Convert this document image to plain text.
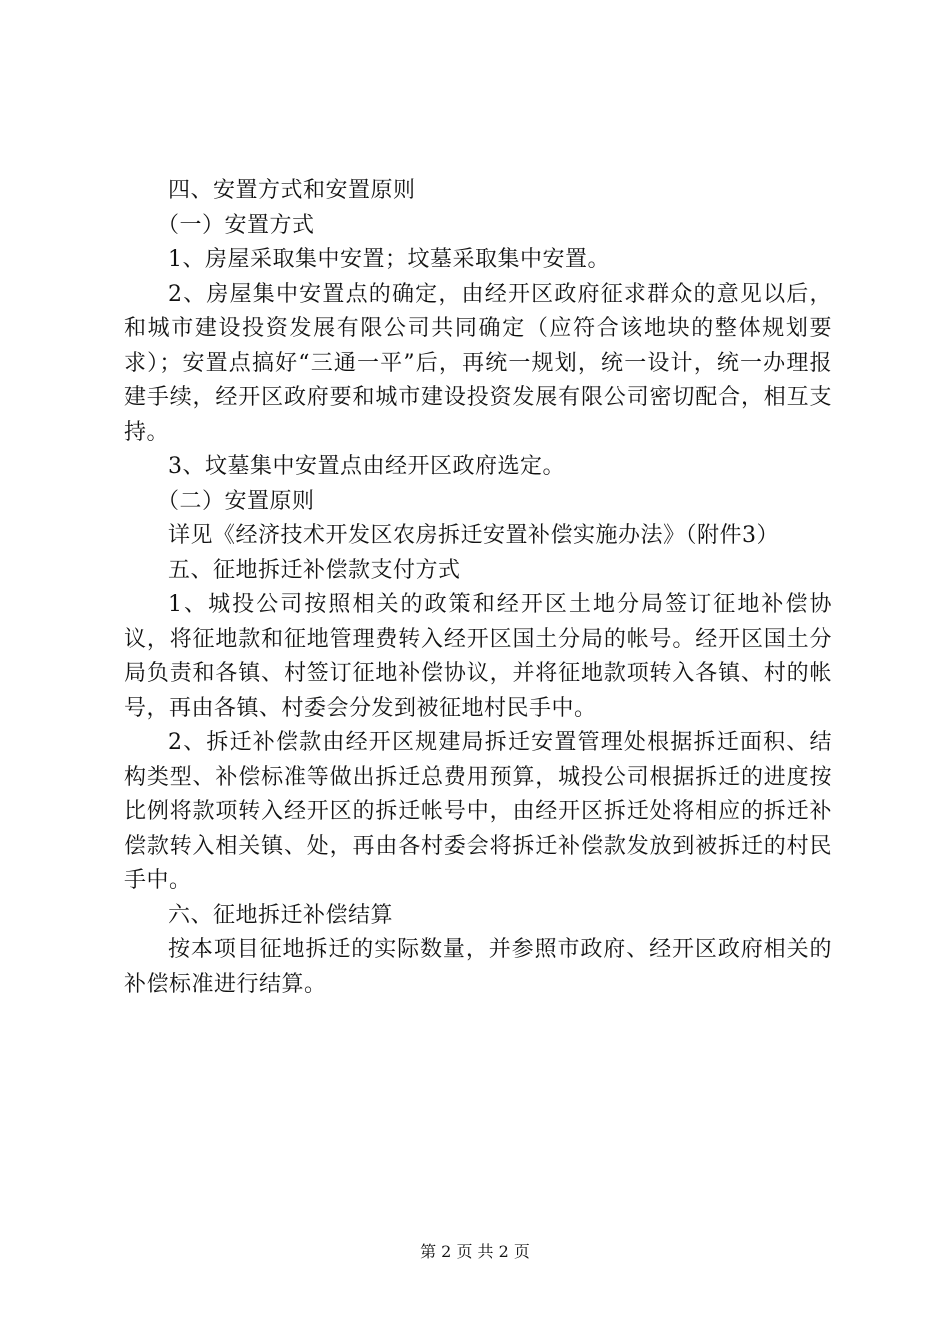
四、安置方式和安置原则

（一）安置方式

1、房屋采取集中安置；坟墓采取集中安置。

2、房屋集中安置点的确定，由经开区政府征求群众的意见以后，和城市建设投资发展有限公司共同确定（应符合该地块的整体规划要求）；安置点搞好“三通一平”后，再统一规划，统一设计，统一办理报建手续，经开区政府要和城市建设投资发展有限公司密切配合，相互支持。

3、坟墓集中安置点由经开区政府选定。

（二）安置原则

详见《经济技术开发区农房拆迁安置补偿实施办法》（附件3）

五、征地拆迁补偿款支付方式

1、城投公司按照相关的政策和经开区土地分局签订征地补偿协议，将征地款和征地管理费转入经开区国土分局的帐号。经开区国土分局负责和各镇、村签订征地补偿协议，并将征地款项转入各镇、村的帐号，再由各镇、村委会分发到被征地村民手中。

2、拆迁补偿款由经开区规建局拆迁安置管理处根据拆迁面积、结构类型、补偿标准等做出拆迁总费用预算，城投公司根据拆迁的进度按比例将款项转入经开区的拆迁帐号中，由经开区拆迁处将相应的拆迁补偿款转入相关镇、处，再由各村委会将拆迁补偿款发放到被拆迁的村民手中。

六、征地拆迁补偿结算

按本项目征地拆迁的实际数量，并参照市政府、经开区政府相关的补偿标准进行结算。

第 2 页 共 2 页
